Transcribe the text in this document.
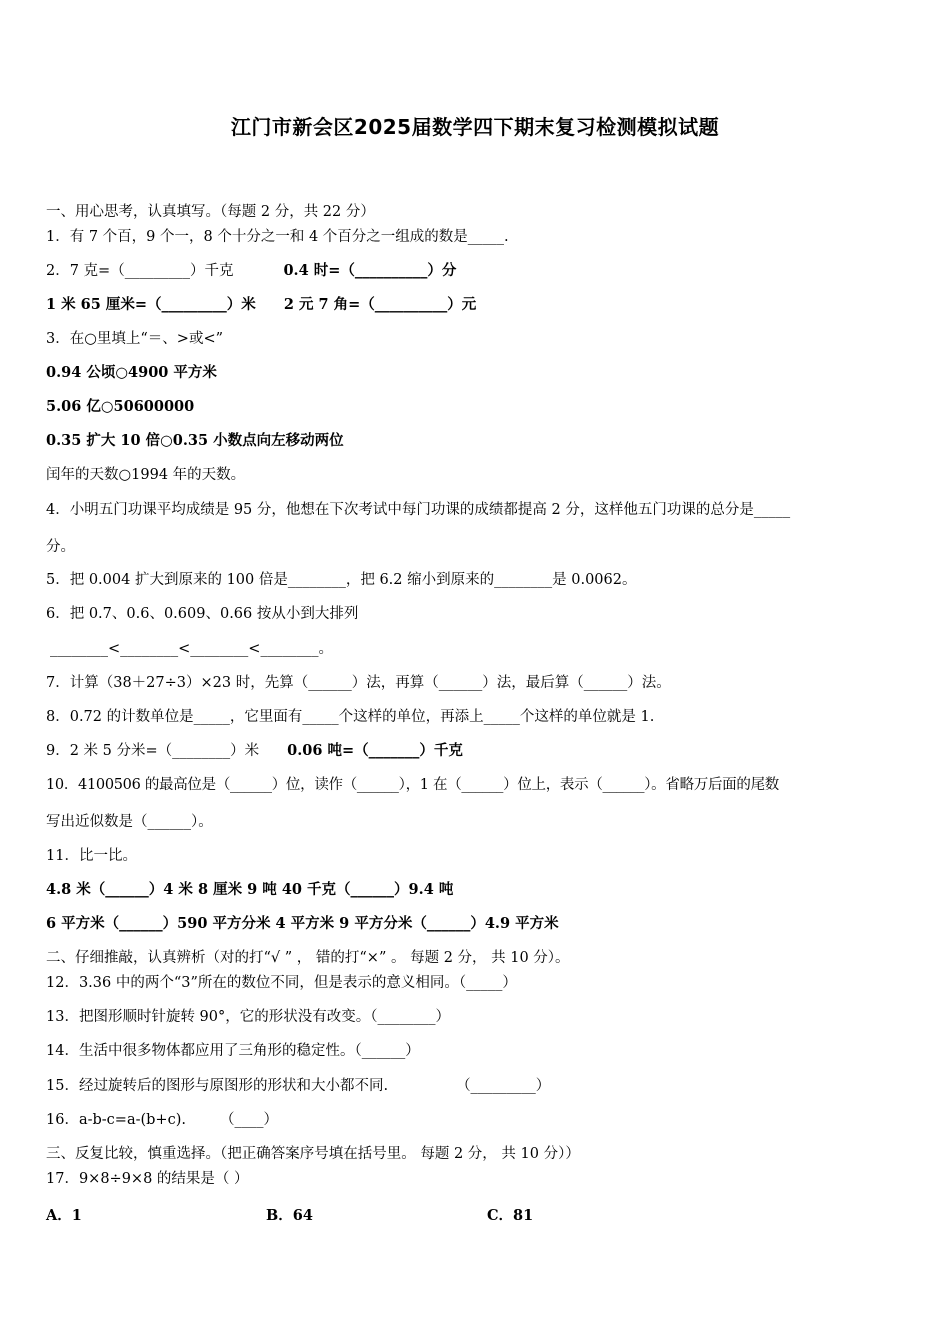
江门市新会区2025届数学四下期末复习检测模拟试题
一、用心思考，认真填写。（每题 2 分，共 22 分）
1．有 7 个百，9 个一，8 个十分之一和 4 个百分之一组成的数是_____.
2．7 克=（_________）千克	0.4 时=（__________）分
1 米 65 厘米=（_________）米 2 元 7 角=（__________）元
3．在○里填上“＝、>或<”
0.94 公顷○4900 平方米
5.06 亿○50600000
0.35 扩大 10 倍○0.35 小数点向左移动两位
闰年的天数○1994 年的天数。
4．小明五门功课平均成绩是 95 分，他想在下次考试中每门功课的成绩都提高 2 分，这样他五门功课的总分是_____
分。
5．把 0.004 扩大到原来的 100 倍是________，把 6.2 缩小到原来的________是 0.0062。
6．把 0.7、0.6、0.609、0.66 按从小到大排列
________<________<________<________。
7．计算（38＋27÷3）×23 时，先算（______）法，再算（______）法，最后算（______）法。
8．0.72 的计数单位是_____，它里面有_____个这样的单位，再添上_____个这样的单位就是 1.
9．2 米 5 分米=（________）米 0.06 吨=（_______）千克
10．4100506 的最高位是（______）位，读作（______），1 在（______）位上，表示（______）。省略万后面的尾数
写出近似数是（______）。
11．比一比。
4.8 米（______）4 米 8 厘米 9 吨 40 千克（______）9.4 吨
6 平方米（______）590 平方分米 4 平方米 9 平方分米（______）4.9 平方米
二、仔细推敲，认真辨析（对的打“√ ” ， 错的打“×” 。 每题 2 分， 共 10 分）。
12．3.36 中的两个“3”所在的数位不同，但是表示的意义相同。（_____）
13．把图形顺时针旋转 90°，它的形状没有改变。（________）
14．生活中很多物体都应用了三角形的稳定性。（______）
15．经过旋转后的图形与原图形的形状和大小都不同.	（_________）
16．a-b-c=a-(b+c). （____）
三、反复比较，慎重选择。（把正确答案序号填在括号里。 每题 2 分， 共 10 分））
17．9×8÷9×8 的结果是（ ）
A．1	B．64	C．81
